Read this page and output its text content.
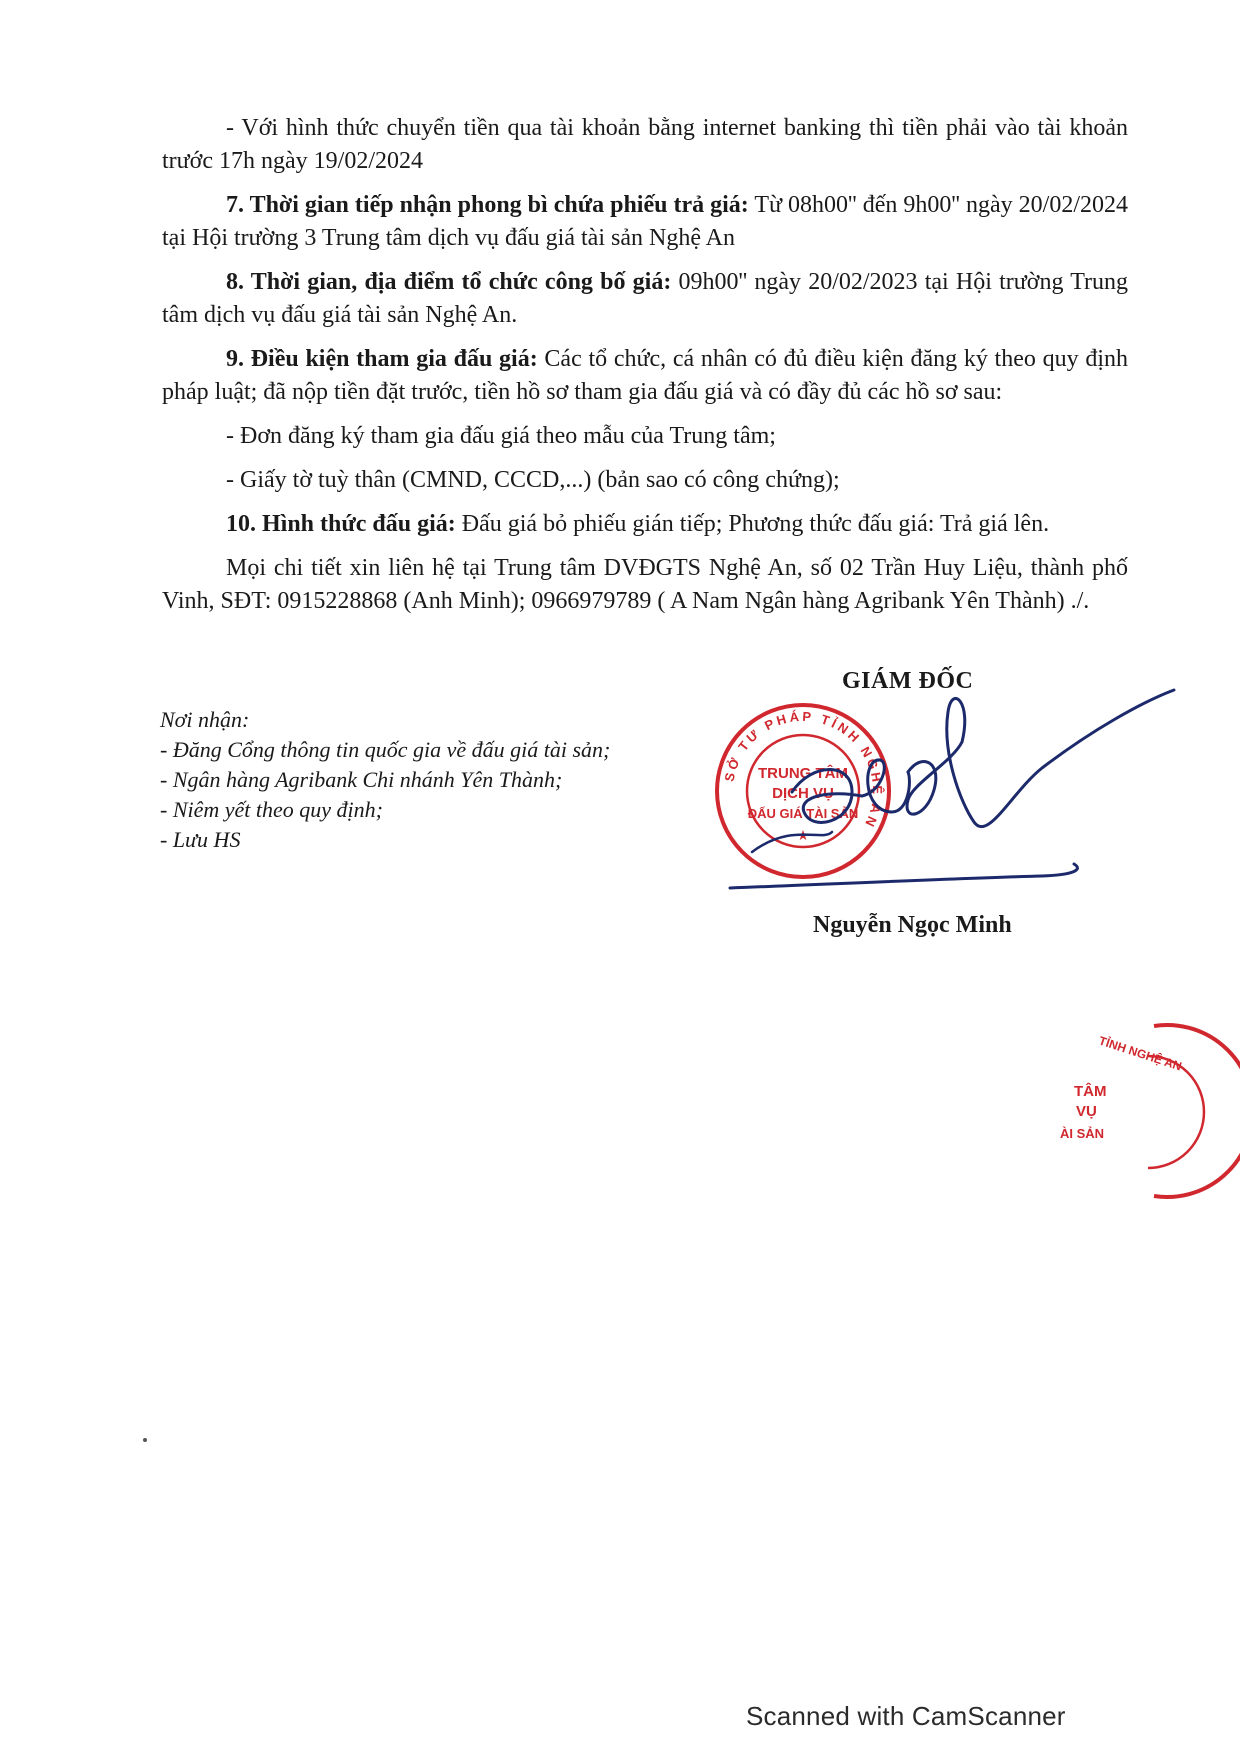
- Với hình thức chuyển tiền qua tài khoản bằng internet banking thì tiền phải vào tài khoản trước 17h ngày 19/02/2024

7. Thời gian tiếp nhận phong bì chứa phiếu trả giá: Từ 08h00'' đến 9h00'' ngày 20/02/2024 tại Hội trường 3 Trung tâm dịch vụ đấu giá tài sản Nghệ An

8. Thời gian, địa điểm tổ chức công bố giá: 09h00'' ngày 20/02/2023 tại Hội trường Trung tâm dịch vụ đấu giá tài sản Nghệ An.

9. Điều kiện tham gia đấu giá: Các tổ chức, cá nhân có đủ điều kiện đăng ký theo quy định pháp luật; đã nộp tiền đặt trước, tiền hồ sơ tham gia đấu giá và có đầy đủ các hồ sơ sau:

- Đơn đăng ký tham gia đấu giá theo mẫu của Trung tâm;

- Giấy tờ tuỳ thân (CMND, CCCD,...) (bản sao có công chứng);

10. Hình thức đấu giá: Đấu giá bỏ phiếu gián tiếp; Phương thức đấu giá: Trả giá lên.

Mọi chi tiết xin liên hệ tại Trung tâm DVĐGTS Nghệ An, số 02 Trần Huy Liệu, thành phố Vinh, SĐT: 0915228868 (Anh Minh); 0966979789 ( A Nam Ngân hàng Agribank Yên Thành) ./.

GIÁM ĐỐC

Nơi nhận:

- Đăng Cổng thông tin quốc gia về đấu giá tài sản;

- Ngân hàng Agribank Chi nhánh Yên Thành;

- Niêm yết theo quy định;

- Lưu HS

SỞ TƯ PHÁP TỈNH NGHỆ AN
TRUNG TÂM
DỊCH VỤ
ĐẤU GIÁ TÀI SẢN
★
Nguyễn Ngọc Minh
TỈNH NGHỆ AN
TÂM
VỤ
ÀI SẢN
Scanned with CamScanner
